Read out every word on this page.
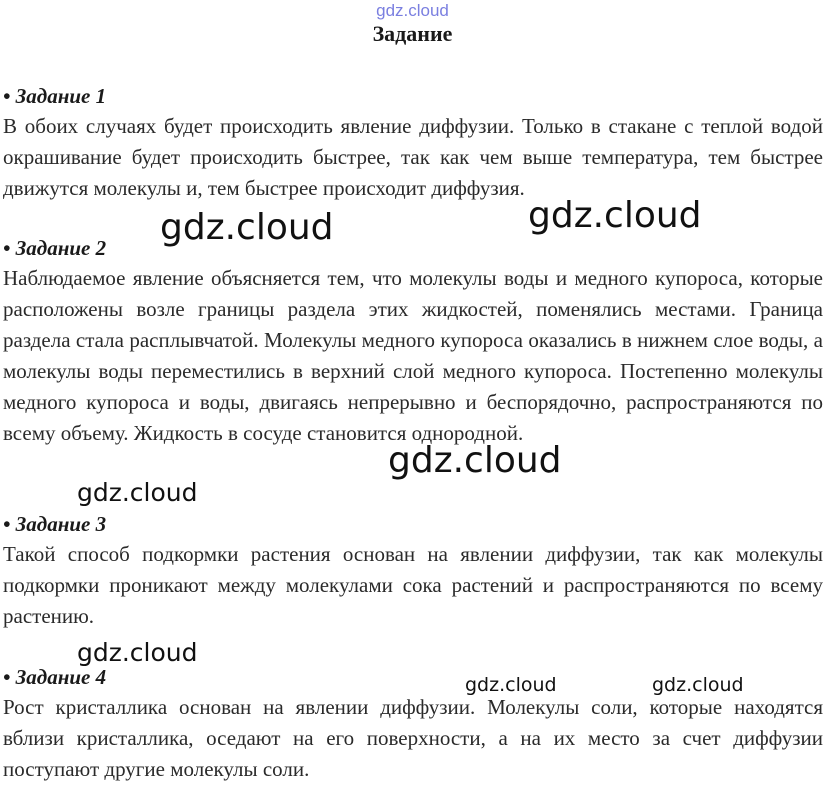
gdz.cloud
Задание

• Задание 1

В обоих случаях будет происходить явление диффузии. Только в стакане с теплой водой окрашивание будет происходить быстрее, так как чем выше температура, тем быстрее движутся молекулы и, тем быстрее происходит диффузия.

• Задание 2

Наблюдаемое явление объясняется тем, что молекулы воды и медного купороса, которые расположены возле границы раздела этих жидкостей, поменялись местами. Граница раздела стала расплывчатой. Молекулы медного купороса оказались в нижнем слое воды, а молекулы воды переместились в верхний слой медного купороса. Постепенно молекулы медного купороса и воды, двигаясь непрерывно и беспорядочно, распространяются по всему объему. Жидкость в сосуде становится однородной.

• Задание 3

Такой способ подкормки растения основан на явлении диффузии, так как молекулы подкормки проникают между молекулами сока растений и распространяются по всему растению.

• Задание 4

Рост кристаллика основан на явлении диффузии. Молекулы соли, которые находятся вблизи кристаллика, оседают на его поверхности, а на их место за счет диффузии поступают другие молекулы соли.

gdz.cloud	gdz.cloud
gdz.cloud
gdz.cloud
gdz.cloud
gdz.cloud	gdz.cloud
